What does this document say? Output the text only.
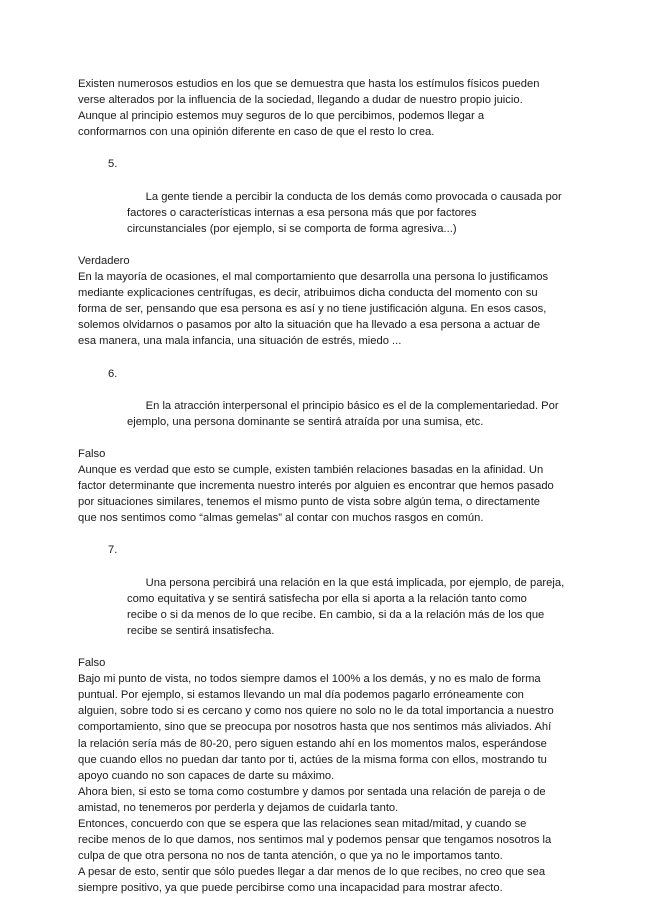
Existen numerosos estudios en los que se demuestra que hasta los estímulos físicos pueden
verse alterados por la influencia de la sociedad, llegando a dudar de nuestro propio juicio.
Aunque al principio estemos muy seguros de lo que percibimos, podemos llegar a
conformarnos con una opinión diferente en caso de que el resto lo crea.

5.

La gente tiende a percibir la conducta de los demás como provocada o causada por
factores o características internas a esa persona más que por factores
circunstanciales (por ejemplo, si se comporta de forma agresiva...)

Verdadero

En la mayoría de ocasiones, el mal comportamiento que desarrolla una persona lo justificamos
mediante explicaciones centrífugas, es decir, atribuimos dicha conducta del momento con su
forma de ser, pensando que esa persona es así y no tiene justificación alguna. En esos casos,
solemos olvidarnos o pasamos por alto la situación que ha llevado a esa persona a actuar de
esa manera, una mala infancia, una situación de estrés, miedo ...

6.

En la atracción interpersonal el principio básico es el de la complementariedad. Por
ejemplo, una persona dominante se sentirá atraída por una sumisa, etc.

Falso

Aunque es verdad que esto se cumple, existen también relaciones basadas en la afinidad. Un
factor determinante que incrementa nuestro interés por alguien es encontrar que hemos pasado
por situaciones similares, tenemos el mismo punto de vista sobre algún tema, o directamente
que nos sentimos como “almas gemelas” al contar con muchos rasgos en común.

7.

Una persona percibirá una relación en la que está implicada, por ejemplo, de pareja,
como equitativa y se sentirá satisfecha por ella si aporta a la relación tanto como
recibe o si da menos de lo que recibe. En cambio, si da a la relación más de los que
recibe se sentirá insatisfecha.

Falso

Bajo mi punto de vista, no todos siempre damos el 100% a los demás, y no es malo de forma
puntual. Por ejemplo, si estamos llevando un mal día podemos pagarlo erróneamente con
alguien, sobre todo si es cercano y como nos quiere no solo no le da total importancia a nuestro
comportamiento, sino que se preocupa por nosotros hasta que nos sentimos más aliviados. Ahí
la relación sería más de 80-20, pero siguen estando ahí en los momentos malos, esperándose
que cuando ellos no puedan dar tanto por ti, actúes de la misma forma con ellos, mostrando tu
apoyo cuando no son capaces de darte su máximo.
Ahora bien, si esto se toma como costumbre y damos por sentada una relación de pareja o de
amistad, no tenemeros por perderla y dejamos de cuidarla tanto.
Entonces, concuerdo con que se espera que las relaciones sean mitad/mitad, y cuando se
recibe menos de lo que damos, nos sentimos mal y podemos pensar que tengamos nosotros la
culpa de que otra persona no nos de tanta atención, o que ya no le importamos tanto.
A pesar de esto, sentir que sólo puedes llegar a dar menos de lo que recibes, no creo que sea
siempre positivo, ya que puede percibirse como una incapacidad para mostrar afecto.
